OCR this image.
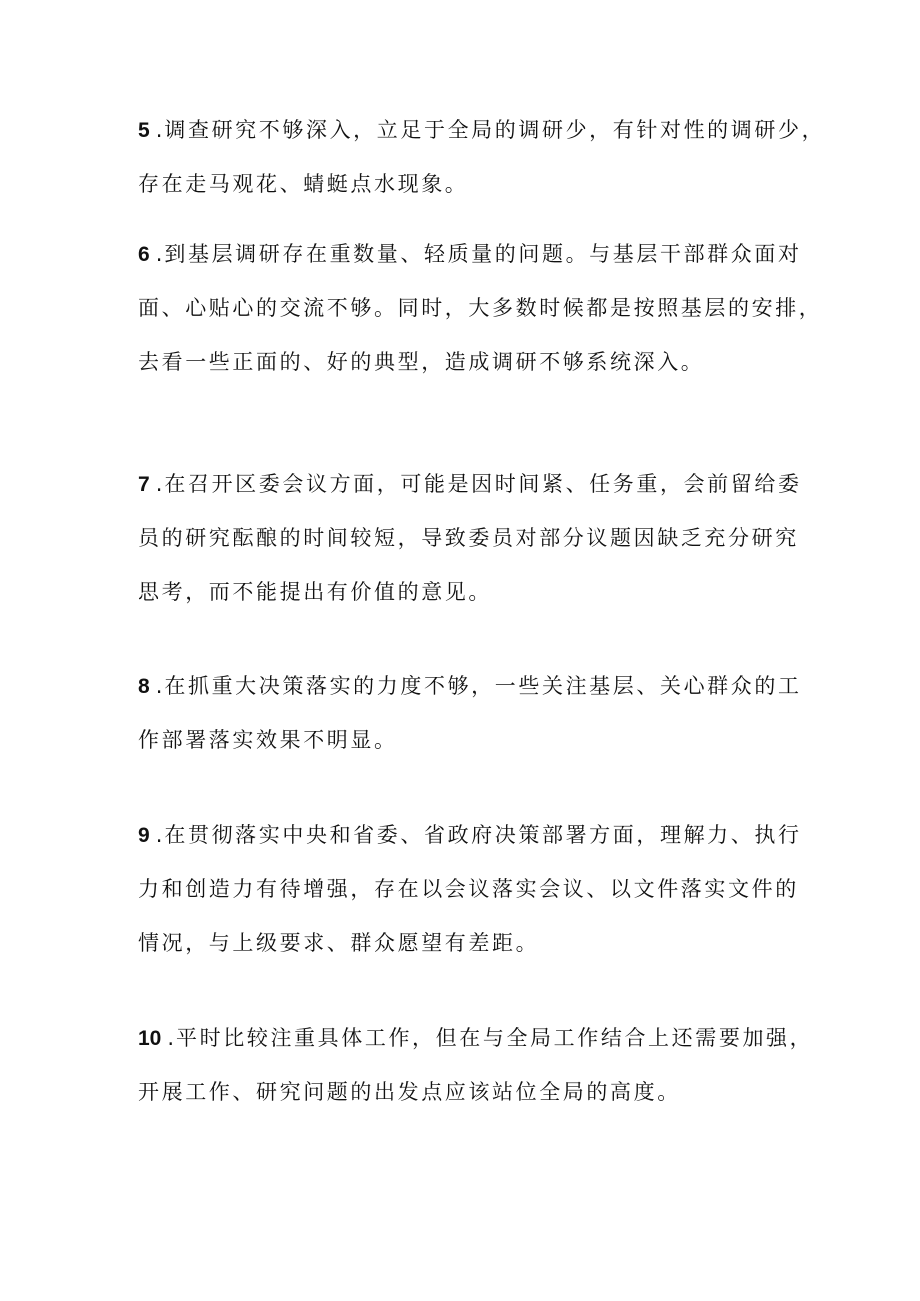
5 .调查研究不够深入，立足于全局的调研少，有针对性的调研少，
存在走马观花、蜻蜓点水现象。
6 .到基层调研存在重数量、轻质量的问题。与基层干部群众面对
面、心贴心的交流不够。同时，大多数时候都是按照基层的安排，
去看一些正面的、好的典型，造成调研不够系统深入。
7 .在召开区委会议方面，可能是因时间紧、任务重，会前留给委
员的研究酝酿的时间较短，导致委员对部分议题因缺乏充分研究
思考，而不能提出有价值的意见。
8 .在抓重大决策落实的力度不够，一些关注基层、关心群众的工
作部署落实效果不明显。
9 .在贯彻落实中央和省委、省政府决策部署方面，理解力、执行
力和创造力有待增强，存在以会议落实会议、以文件落实文件的
情况，与上级要求、群众愿望有差距。
10 .平时比较注重具体工作，但在与全局工作结合上还需要加强，
开展工作、研究问题的出发点应该站位全局的高度。
